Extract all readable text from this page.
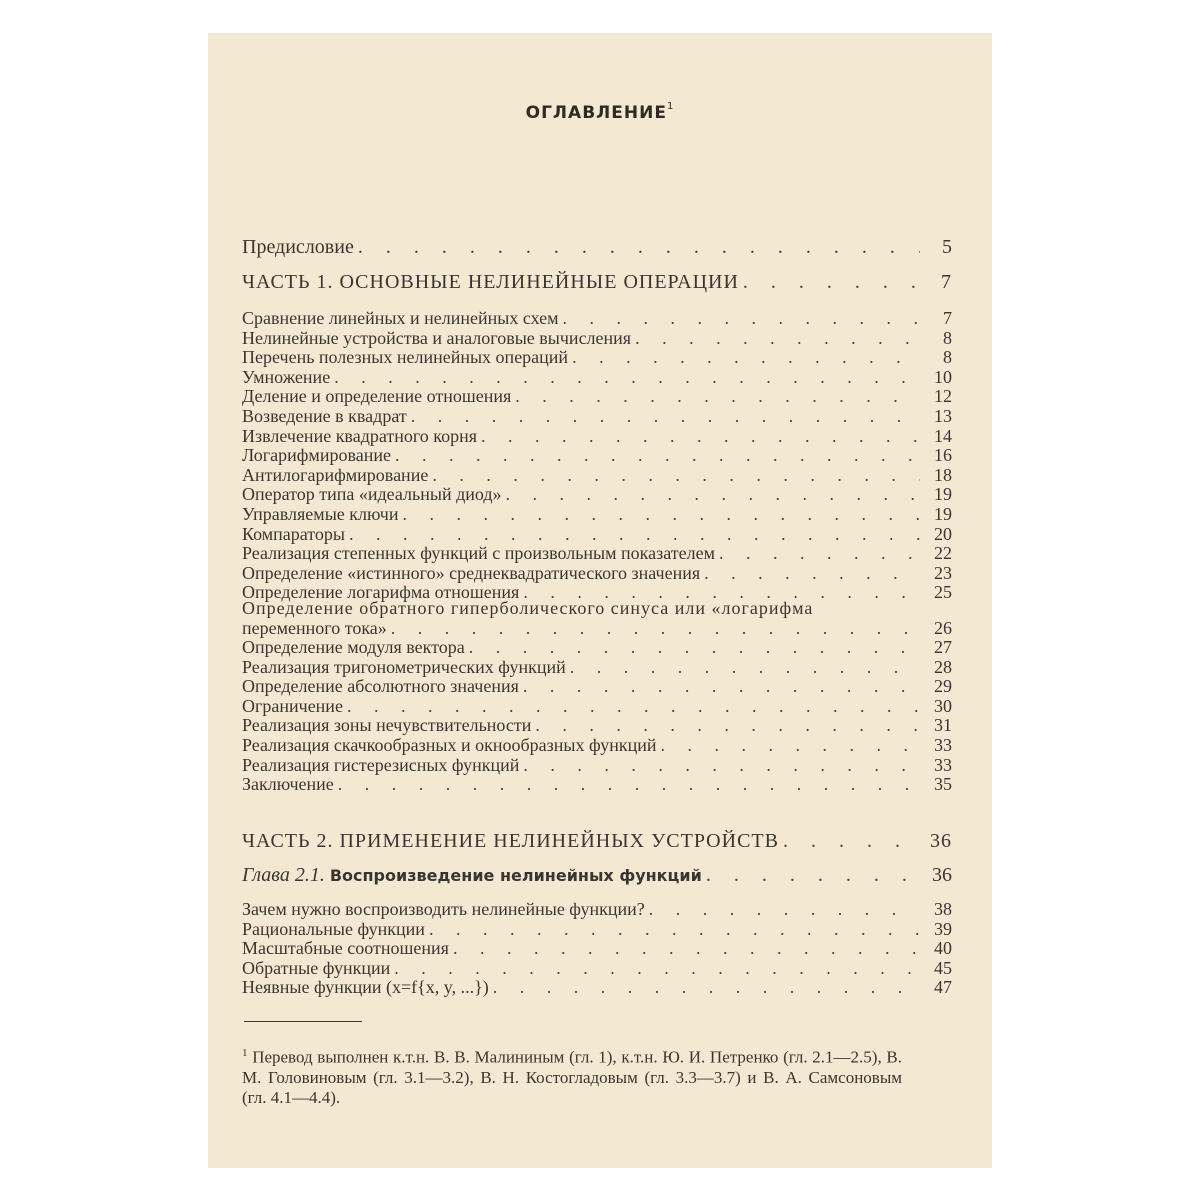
ОГЛАВЛЕНИЕ$^1$
Предисловие . . .	5
ЧАСТЬ 1. ОСНОВНЫЕ НЕЛИНЕЙНЫЕ ОПЕРАЦИИ . . .	7
Сравнение линейных и нелинейных схем . . .	7
Нелинейные устройства и аналоговые вычисления . . .	8
Перечень полезных нелинейных операций . . .	8
Умножение . . .	10
Деление и определение отношения . . .	12
Возведение в квадрат . . .	13
Извлечение квадратного корня . . .	14
Логарифмирование . . .	16
Антилогарифмирование . . .	18
Оператор типа «идеальный диод» . . .	19
Управляемые ключи . . .	19
Компараторы . . .	20
Реализация степенных функций с произвольным показателем . . .	22
Определение «истинного» среднеквадратического значения . . .	23
Определение логарифма отношения . . .	25
Определение обратного гиперболического синуса или «логарифма
переменного тока» . . .	26
Определение модуля вектора . . .	27
Реализация тригонометрических функций . . .	28
Определение абсолютного значения . . .	29
Ограничение . . .	30
Реализация зоны нечувствительности . . .	31
Реализация скачкообразных и окнообразных функций . . .	33
Реализация гистерезисных функций . . .	33
Заключение . . .	35
ЧАСТЬ 2. ПРИМЕНЕНИЕ НЕЛИНЕЙНЫХ УСТРОЙСТВ . . .	36
Глава 2.1. Воспроизведение нелинейных функций . . .	36
Зачем нужно воспроизводить нелинейные функции? . . .	38
Рациональные функции . . .	39
Масштабные соотношения . . .	40
Обратные функции . . .	45
Неявные функции (x=f{x, y, ...}) . . .	47
$^1$ Перевод выполнен к.т.н. В. В. Малининым (гл. 1), к.т.н. Ю. И. Петренко (гл. 2.1—2.5), В. М. Головиновым (гл. 3.1—3.2), В. Н. Костогладовым (гл. 3.3—3.7) и В. А. Самсоновым (гл. 4.1—4.4).
